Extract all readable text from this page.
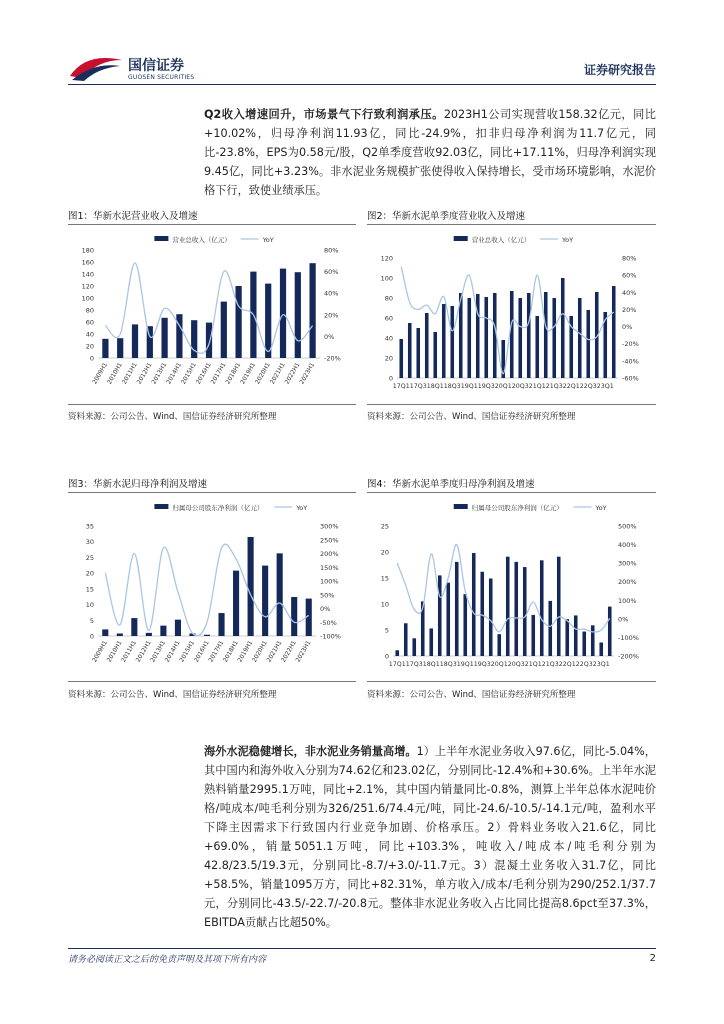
国信证券
GUOSEN SECURITIES
证券研究报告
Q2收入增速回升，市场景气下行致利润承压。2023H1公司实现营收158.32亿元，同比+10.02%，归母净利润11.93亿，同比-24.9%，扣非归母净利润为11.7亿元，同比-23.8%，EPS为0.58元/股，Q2单季度营收92.03亿，同比+17.11%，归母净利润实现9.45亿，同比+3.23%。非水泥业务规模扩张使得收入保持增长，受市场环境影响，水泥价格下行，致使业绩承压。
图1：华新水泥营业收入及增速	图2：华新水泥单季度营业收入及增速
资料来源：公司公告、Wind、国信证券经济研究所整理	资料来源：公司公告、Wind、国信证券经济研究所整理
图3：华新水泥归母净利润及增速	图4：华新水泥单季度归母净利润及增速
资料来源：公司公告、Wind、国信证券经济研究所整理	资料来源：公司公告、Wind、国信证券经济研究所整理
营业总收入（亿元）	YoY
0
20
40
60
80
100
120
140
160
180
-20%
0%
20%
40%
60%
80%
2009H1
2010H1
2011H1
2012H1
2013H1
2014H1
2015H1
2016H1
2017H1
2018H1
2019H1
2020H1
2021H1
2022H1
2023H1
营业总收入（亿元）	YoY
0
20
40
60
80
100
120
-60%
-40%
-20%
0%
20%
40%
60%
80%
17Q1 17Q3 18Q1 18Q3 19Q1 19Q3 20Q1 20Q3 21Q1 21Q3 22Q1 22Q3 23Q1
归属母公司股东净利润（亿元）	YoY
0
5
10
15
20
25
30
35
-100%
-50%
0%
50%
100%
150%
200%
250%
300%
2009H1
2010H1
2011H1
2012H1
2013H1
2014H1
2015H1
2016H1
2017H1
2018H1
2019H1
2020H1
2021H1
2022H1
2023H1
归属母公司股东净利润（亿元）	YoY
0
5
10
15
20
25
-200%
-100%
0%
100%
200%
300%
400%
500%
17Q1 17Q3 18Q1 18Q3 19Q1 19Q3 20Q1 20Q3 21Q1 21Q3 22Q1 22Q3 23Q1
海外水泥稳健增长，非水泥业务销量高增。1）上半年水泥业务收入97.6亿，同比-5.04%，其中国内和海外收入分别为74.62亿和23.02亿，分别同比-12.4%和+30.6%。上半年水泥熟料销量2995.1万吨，同比+2.1%，其中国内销量同比-0.8%，测算上半年总体水泥吨价格/吨成本/吨毛利分别为326/251.6/74.4元/吨，同比-24.6/-10.5/-14.1元/吨，盈利水平下降主因需求下行致国内行业竞争加剧、价格承压。2）骨料业务收入21.6亿，同比+69.0%，销量5051.1万吨，同比+103.3%，吨收入/吨成本/吨毛利分别为42.8/23.5/19.3元，分别同比-8.7/+3.0/-11.7元。3）混凝土业务收入31.7亿，同比+58.5%，销量1095万方，同比+82.31%，单方收入/成本/毛利分别为290/252.1/37.7元，分别同比-43.5/-22.7/-20.8元。整体非水泥业务收入占比同比提高8.6pct至37.3%，EBITDA贡献占比超50%。
请务必阅读正文之后的免责声明及其项下所有内容	2
